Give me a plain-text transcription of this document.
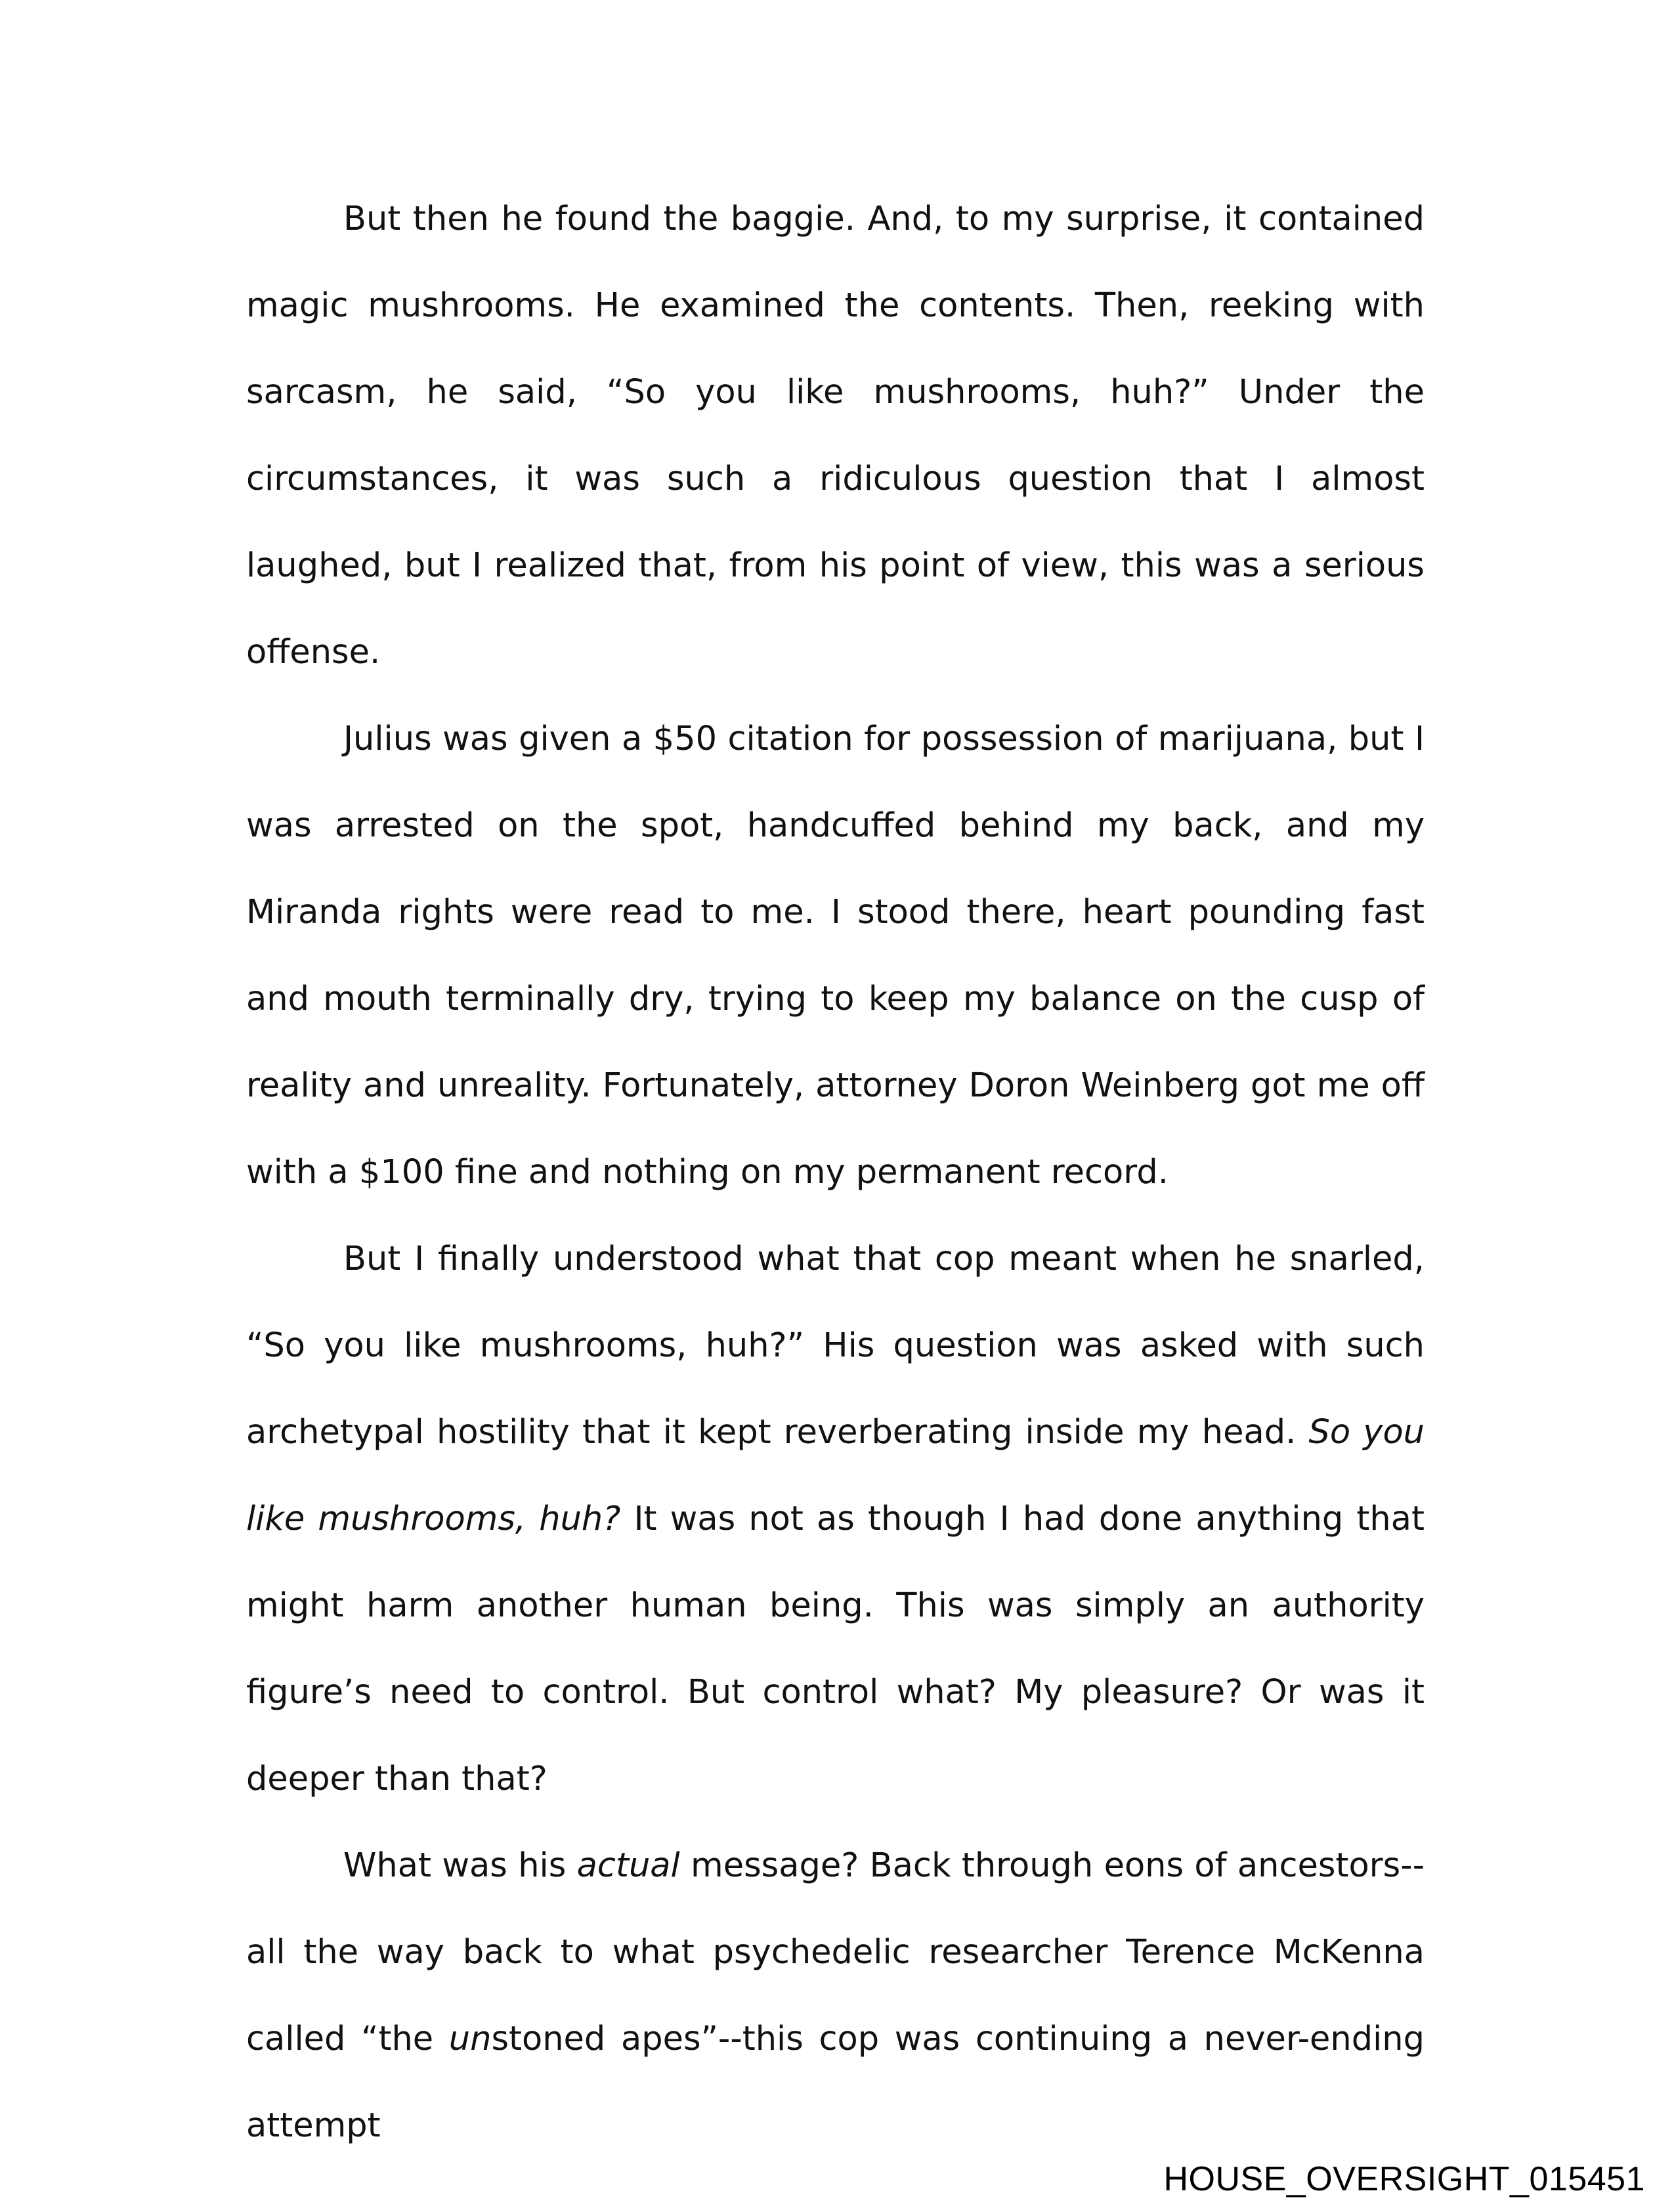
But then he found the baggie. And, to my surprise, it contained magic mushrooms. He examined the contents. Then, reeking with sarcasm, he said, “So you like mushrooms, huh?” Under the circumstances, it was such a ridiculous question that I almost laughed, but I realized that, from his point of view, this was a serious offense.

Julius was given a $50 citation for possession of marijuana, but I was arrested on the spot, handcuffed behind my back, and my Miranda rights were read to me. I stood there, heart pounding fast and mouth terminally dry, trying to keep my balance on the cusp of reality and unreality. Fortunately, attorney Doron Weinberg got me off with a $100 fine and nothing on my permanent record.

But I finally understood what that cop meant when he snarled, “So you like mushrooms, huh?” His question was asked with such archetypal hostility that it kept reverberating inside my head. So you like mushrooms, huh? It was not as though I had done anything that might harm another human being. This was simply an authority figure’s need to control. But control what? My pleasure? Or was it deeper than that?

What was his actual message? Back through eons of ancestors--all the way back to what psychedelic researcher Terence McKenna called “the unstoned apes”--this cop was continuing a never-ending attempt

HOUSE_OVERSIGHT_015451
